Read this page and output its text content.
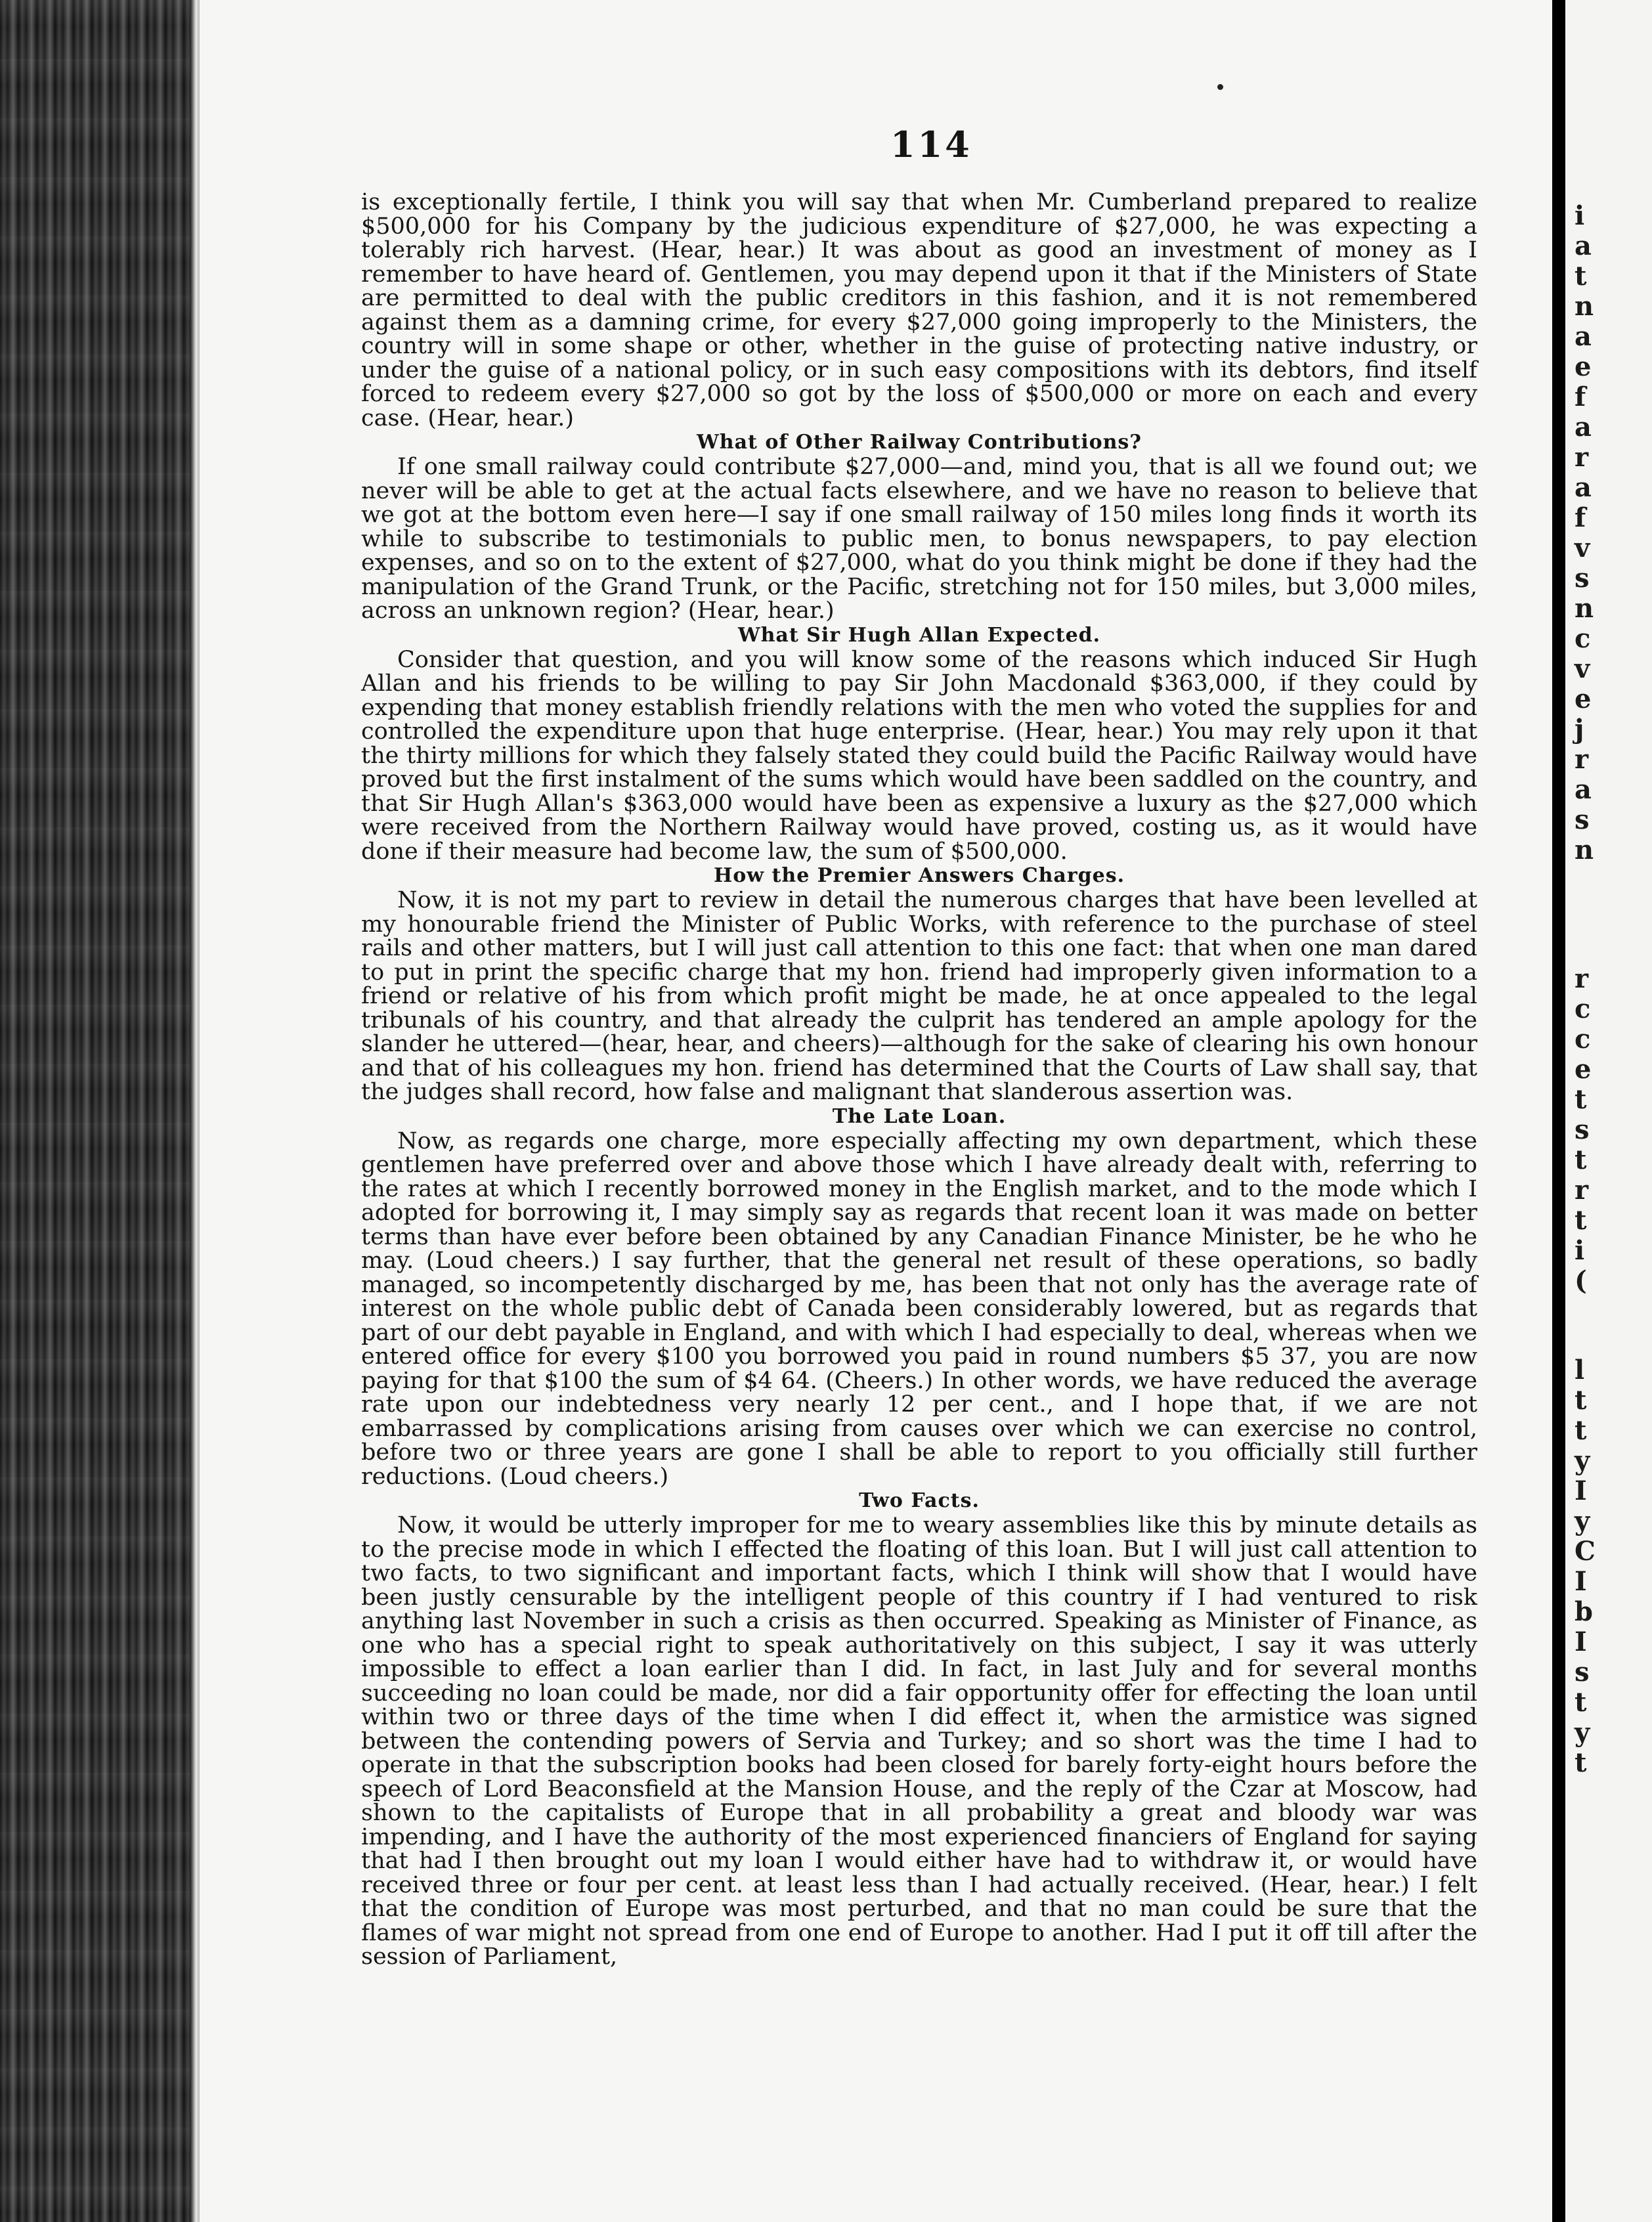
114

is exceptionally fertile, I think you will say that when Mr. Cumberland prepared to realize $500,000 for his Company by the judicious expenditure of $27,000, he was expecting a tolerably rich harvest. (Hear, hear.) It was about as good an investment of money as I remember to have heard of. Gentlemen, you may depend upon it that if the Ministers of State are permitted to deal with the public creditors in this fashion, and it is not remembered against them as a damning crime, for every $27,000 going improperly to the Ministers, the country will in some shape or other, whether in the guise of protecting native industry, or under the guise of a national policy, or in such easy compositions with its debtors, find itself forced to redeem every $27,000 so got by the loss of $500,000 or more on each and every case. (Hear, hear.)

What of Other Railway Contributions?

If one small railway could contribute $27,000—and, mind you, that is all we found out; we never will be able to get at the actual facts elsewhere, and we have no reason to believe that we got at the bottom even here—I say if one small railway of 150 miles long finds it worth its while to subscribe to testimonials to public men, to bonus newspapers, to pay election expenses, and so on to the extent of $27,000, what do you think might be done if they had the manipulation of the Grand Trunk, or the Pacific, stretching not for 150 miles, but 3,000 miles, across an unknown region? (Hear, hear.)

What Sir Hugh Allan Expected.

Consider that question, and you will know some of the reasons which induced Sir Hugh Allan and his friends to be willing to pay Sir John Macdonald $363,000, if they could by expending that money establish friendly relations with the men who voted the supplies for and controlled the expenditure upon that huge enterprise. (Hear, hear.) You may rely upon it that the thirty millions for which they falsely stated they could build the Pacific Railway would have proved but the first instalment of the sums which would have been saddled on the country, and that Sir Hugh Allan's $363,000 would have been as expensive a luxury as the $27,000 which were received from the Northern Railway would have proved, costing us, as it would have done if their measure had become law, the sum of $500,000.

How the Premier Answers Charges.

Now, it is not my part to review in detail the numerous charges that have been levelled at my honourable friend the Minister of Public Works, with reference to the purchase of steel rails and other matters, but I will just call attention to this one fact: that when one man dared to put in print the specific charge that my hon. friend had improperly given information to a friend or relative of his from which profit might be made, he at once appealed to the legal tribunals of his country, and that already the culprit has tendered an ample apology for the slander he uttered—(hear, hear, and cheers)—although for the sake of clearing his own honour and that of his colleagues my hon. friend has determined that the Courts of Law shall say, that the judges shall record, how false and malignant that slanderous assertion was.

The Late Loan.

Now, as regards one charge, more especially affecting my own department, which these gentlemen have preferred over and above those which I have already dealt with, referring to the rates at which I recently borrowed money in the English market, and to the mode which I adopted for borrowing it, I may simply say as regards that recent loan it was made on better terms than have ever before been obtained by any Canadian Finance Minister, be he who he may. (Loud cheers.) I say further, that the general net result of these operations, so badly managed, so incompetently discharged by me, has been that not only has the average rate of interest on the whole public debt of Canada been considerably lowered, but as regards that part of our debt payable in England, and with which I had especially to deal, whereas when we entered office for every $100 you borrowed you paid in round numbers $5 37, you are now paying for that $100 the sum of $4 64. (Cheers.) In other words, we have reduced the average rate upon our indebtedness very nearly 12 per cent., and I hope that, if we are not embarrassed by complications arising from causes over which we can exercise no control, before two or three years are gone I shall be able to report to you officially still further reductions. (Loud cheers.)

Two Facts.

Now, it would be utterly improper for me to weary assemblies like this by minute details as to the precise mode in which I effected the floating of this loan. But I will just call attention to two facts, to two significant and important facts, which I think will show that I would have been justly censurable by the intelligent people of this country if I had ventured to risk anything last November in such a crisis as then occurred. Speaking as Minister of Finance, as one who has a special right to speak authoritatively on this subject, I say it was utterly impossible to effect a loan earlier than I did. In fact, in last July and for several months succeeding no loan could be made, nor did a fair opportunity offer for effecting the loan until within two or three days of the time when I did effect it, when the armistice was signed between the contending powers of Servia and Turkey; and so short was the time I had to operate in that the subscription books had been closed for barely forty-eight hours before the speech of Lord Beaconsfield at the Mansion House, and the reply of the Czar at Moscow, had shown to the capitalists of Europe that in all probability a great and bloody war was impending, and I have the authority of the most experienced financiers of England for saying that had I then brought out my loan I would either have had to withdraw it, or would have received three or four per cent. at least less than I had actually received. (Hear, hear.) I felt that the condition of Europe was most perturbed, and that no man could be sure that the flames of war might not spread from one end of Europe to another. Had I put it off till after the session of Parliament,

i
a
t
n
a
e
f
a
r
a
f
v
s
n
c
v
e
j
r
a
s
n
r
c
c
e
t
s
t
r
t
i
(
l
t
t
y
I
y
C
I
b
I
s
t
y
t
